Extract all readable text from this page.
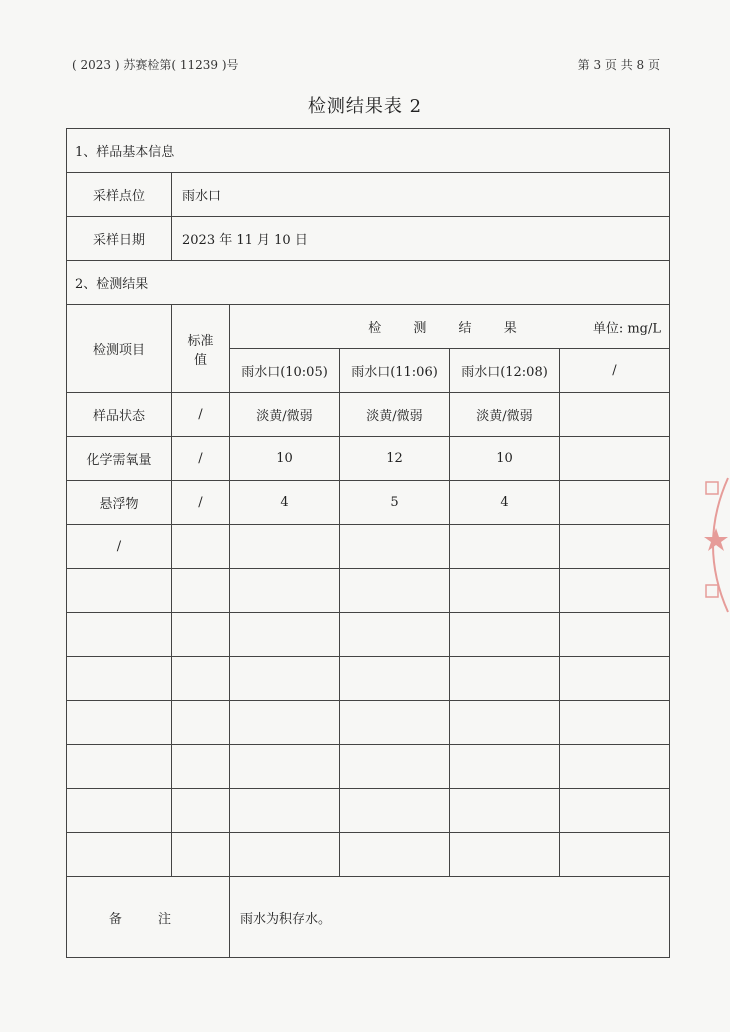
( 2023 ) 苏赛检第( 11239 )号	第 3 页 共 8 页
检测结果表 2
1、样品基本信息					
采样点位	雨水口				
采样日期	2023 年 11 月 10 日				
2、检测结果					
检测项目	标准值	检 测 结 果 单位: mg/L			

		雨水口(10:05)	雨水口(11:06)	雨水口(12:08)	/
样品状态	/	淡黄/微弱	淡黄/微弱	淡黄/微弱	
化学需氧量	/	10	12	10	
悬浮物	/	4	5	4	
/					

备 注		雨水为积存水。			
